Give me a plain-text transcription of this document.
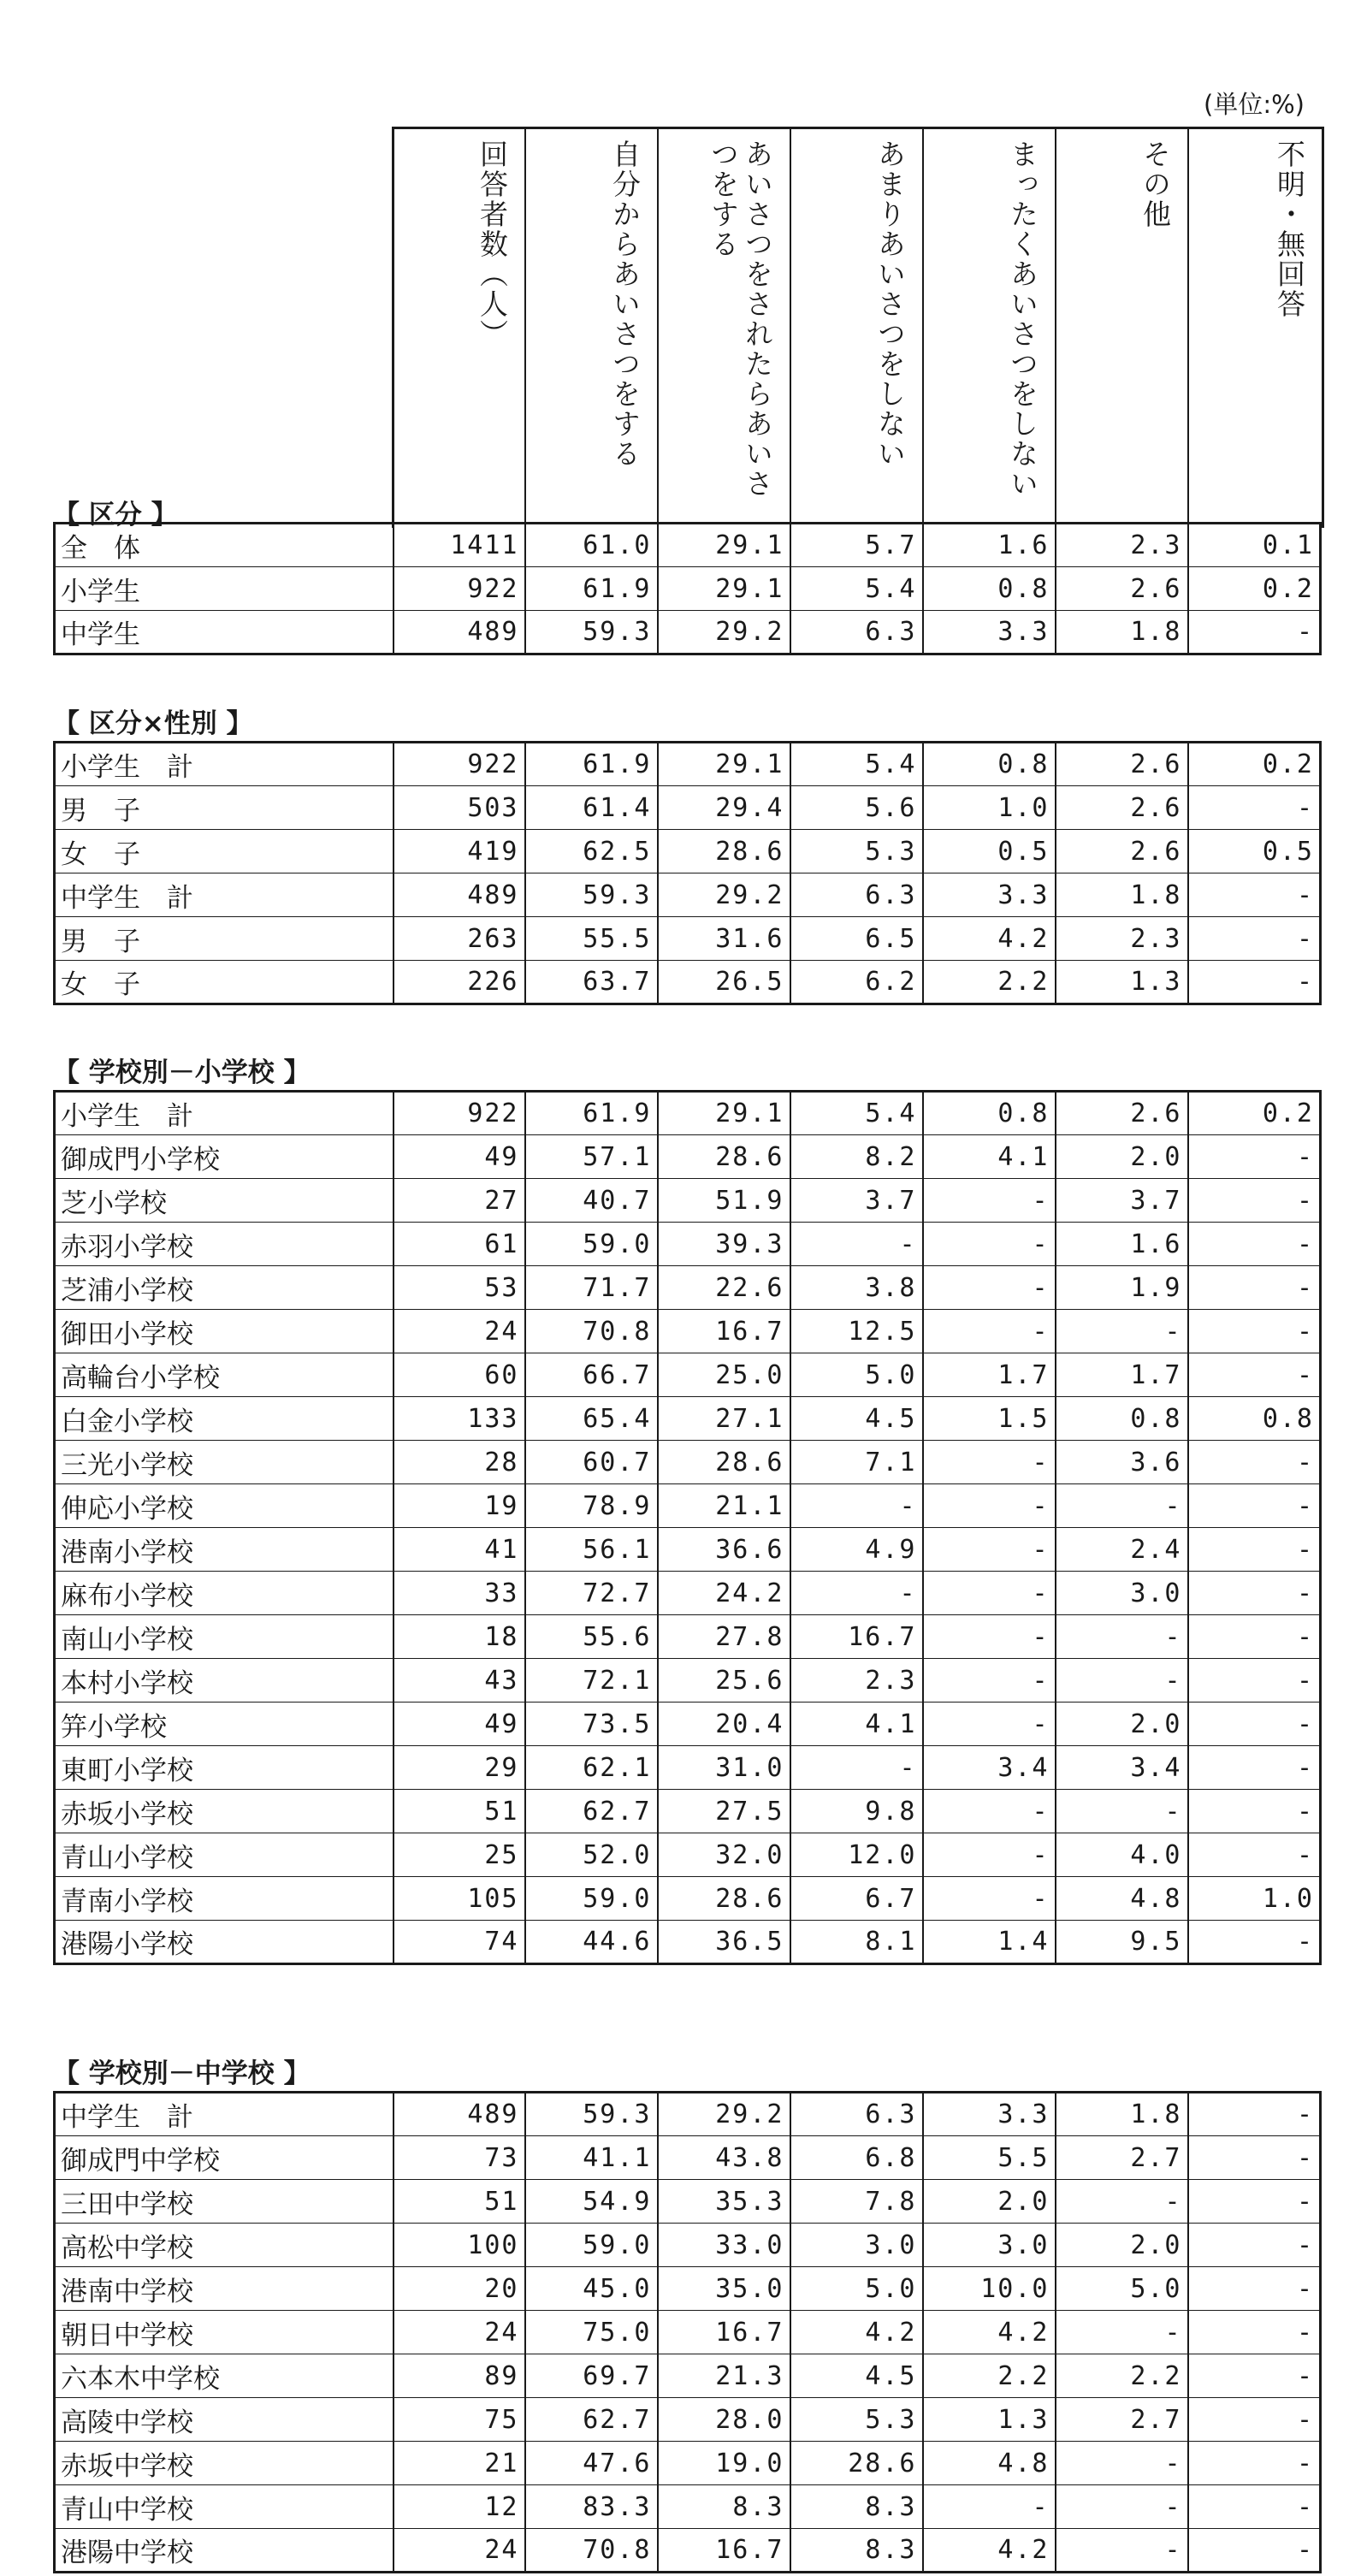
(単位:%)
回答者数（人）	自分からあいさつをする	あいさつをされたらあいさつをする	あまりあいさつをしない	まったくあいさつをしない	その他	不明・無回答
【 区分 】
全　体	1411	61.0	29.1	5.7	1.6	2.3	0.1
小学生	922	61.9	29.1	5.4	0.8	2.6	0.2
中学生	489	59.3	29.2	6.3	3.3	1.8	-
【 区分×性別 】
小学生　計	922	61.9	29.1	5.4	0.8	2.6	0.2
男　子	503	61.4	29.4	5.6	1.0	2.6	-
女　子	419	62.5	28.6	5.3	0.5	2.6	0.5
中学生　計	489	59.3	29.2	6.3	3.3	1.8	-
男　子	263	55.5	31.6	6.5	4.2	2.3	-
女　子	226	63.7	26.5	6.2	2.2	1.3	-
【 学校別－小学校 】
小学生　計	922	61.9	29.1	5.4	0.8	2.6	0.2
御成門小学校	49	57.1	28.6	8.2	4.1	2.0	-
芝小学校	27	40.7	51.9	3.7	-	3.7	-
赤羽小学校	61	59.0	39.3	-	-	1.6	-
芝浦小学校	53	71.7	22.6	3.8	-	1.9	-
御田小学校	24	70.8	16.7	12.5	-	-	-
高輪台小学校	60	66.7	25.0	5.0	1.7	1.7	-
白金小学校	133	65.4	27.1	4.5	1.5	0.8	0.8
三光小学校	28	60.7	28.6	7.1	-	3.6	-
伸応小学校	19	78.9	21.1	-	-	-	-
港南小学校	41	56.1	36.6	4.9	-	2.4	-
麻布小学校	33	72.7	24.2	-	-	3.0	-
南山小学校	18	55.6	27.8	16.7	-	-	-
本村小学校	43	72.1	25.6	2.3	-	-	-
笄小学校	49	73.5	20.4	4.1	-	2.0	-
東町小学校	29	62.1	31.0	-	3.4	3.4	-
赤坂小学校	51	62.7	27.5	9.8	-	-	-
青山小学校	25	52.0	32.0	12.0	-	4.0	-
青南小学校	105	59.0	28.6	6.7	-	4.8	1.0
港陽小学校	74	44.6	36.5	8.1	1.4	9.5	-
【 学校別－中学校 】
中学生　計	489	59.3	29.2	6.3	3.3	1.8	-
御成門中学校	73	41.1	43.8	6.8	5.5	2.7	-
三田中学校	51	54.9	35.3	7.8	2.0	-	-
高松中学校	100	59.0	33.0	3.0	3.0	2.0	-
港南中学校	20	45.0	35.0	5.0	10.0	5.0	-
朝日中学校	24	75.0	16.7	4.2	4.2	-	-
六本木中学校	89	69.7	21.3	4.5	2.2	2.2	-
高陵中学校	75	62.7	28.0	5.3	1.3	2.7	-
赤坂中学校	21	47.6	19.0	28.6	4.8	-	-
青山中学校	12	83.3	8.3	8.3	-	-	-
港陽中学校	24	70.8	16.7	8.3	4.2	-	-
